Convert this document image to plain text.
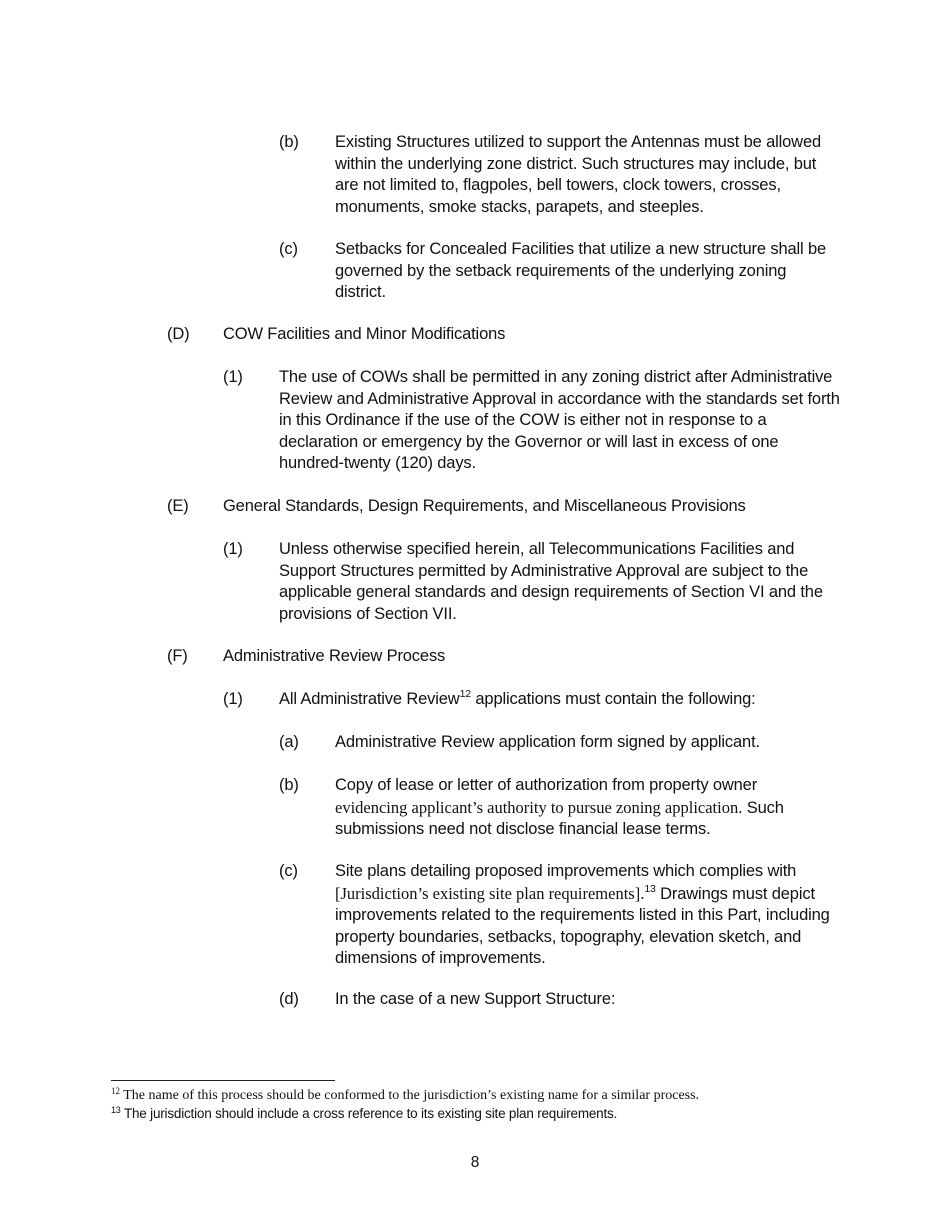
(b) Existing Structures utilized to support the Antennas must be allowed within the underlying zone district. Such structures may include, but are not limited to, flagpoles, bell towers, clock towers, crosses, monuments, smoke stacks, parapets, and steeples.
(c) Setbacks for Concealed Facilities that utilize a new structure shall be governed by the setback requirements of the underlying zoning district.
(D) COW Facilities and Minor Modifications
(1) The use of COWs shall be permitted in any zoning district after Administrative Review and Administrative Approval in accordance with the standards set forth in this Ordinance if the use of the COW is either not in response to a declaration or emergency by the Governor or will last in excess of one hundred-twenty (120) days.
(E) General Standards, Design Requirements, and Miscellaneous Provisions
(1) Unless otherwise specified herein, all Telecommunications Facilities and Support Structures permitted by Administrative Approval are subject to the applicable general standards and design requirements of Section VI and the provisions of Section VII.
(F) Administrative Review Process
(1) All Administrative Review$^{12}$ applications must contain the following:
(a) Administrative Review application form signed by applicant.
(b) Copy of lease or letter of authorization from property owner
evidencing applicant’s authority to pursue zoning application. Such submissions need not disclose financial lease terms.
(c) Site plans detailing proposed improvements which complies with
[Jurisdiction’s existing site plan requirements].$^{13}$ Drawings must depict improvements related to the requirements listed in this Part, including property boundaries, setbacks, topography, elevation sketch, and dimensions of improvements.
(d) In the case of a new Support Structure:
$^{12}$ The name of this process should be conformed to the jurisdiction’s existing name for a similar process.
$^{13}$ The jurisdiction should include a cross reference to its existing site plan requirements.
8
